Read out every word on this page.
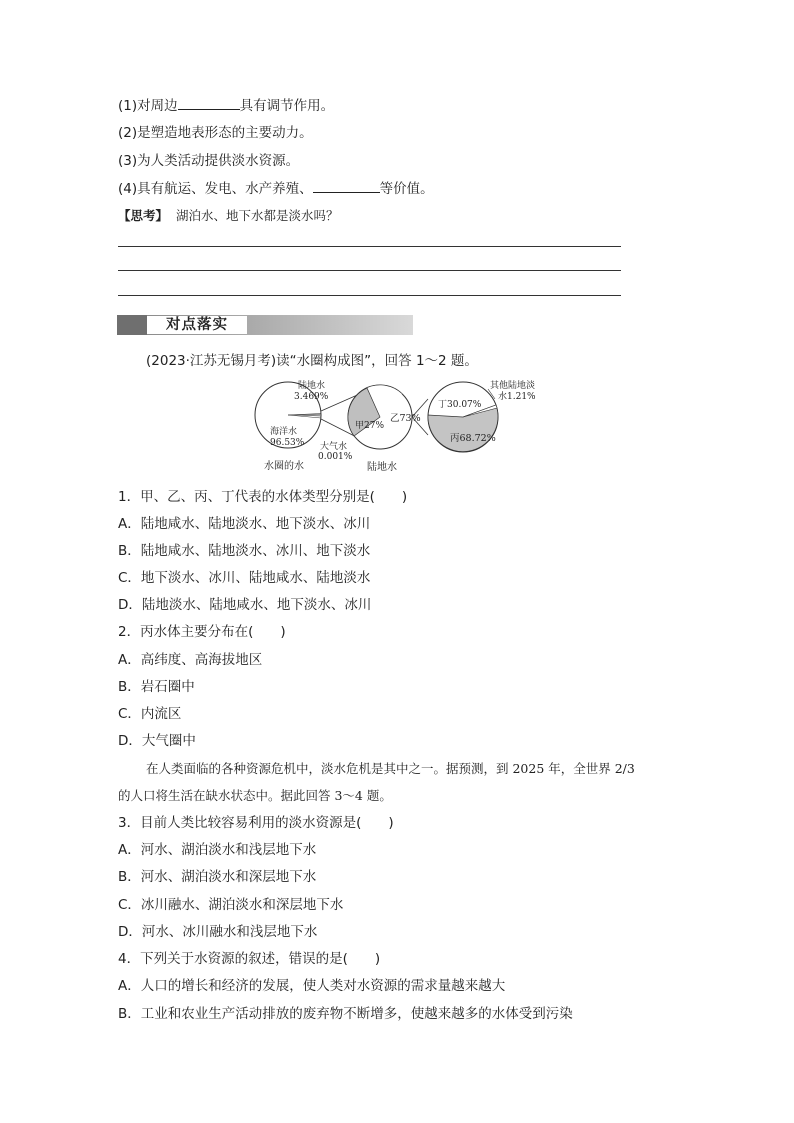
(1)对周边	具有调节作用。
(2)是塑造地表形态的主要动力。
(3)为人类活动提供淡水资源。
(4)具有航运、发电、水产养殖、	等价值。
【思考】 湖泊水、地下水都是淡水吗？
对点落实
(2023·江苏无锡月考)读“水圈构成图”，回答 1～2 题。
陆地水
3.469%
海洋水
96.53% 大气水
0.001%
水圈的水
甲27%
乙73%
陆地水
丁30.07%
丙68.72%
其他陆地淡
水1.21%
1．甲、乙、丙、丁代表的水体类型分别是(　　)
A．陆地咸水、陆地淡水、地下淡水、冰川
B．陆地咸水、陆地淡水、冰川、地下淡水
C．地下淡水、冰川、陆地咸水、陆地淡水
D．陆地淡水、陆地咸水、地下淡水、冰川
2．丙水体主要分布在(　　)
A．高纬度、高海拔地区
B．岩石圈中
C．内流区
D．大气圈中
在人类面临的各种资源危机中，淡水危机是其中之一。据预测，到 2025 年，全世界 2/3
的人口将生活在缺水状态中。据此回答 3～4 题。
3．目前人类比较容易利用的淡水资源是(　　)
A．河水、湖泊淡水和浅层地下水
B．河水、湖泊淡水和深层地下水
C．冰川融水、湖泊淡水和深层地下水
D．河水、冰川融水和浅层地下水
4．下列关于水资源的叙述，错误的是(　　)
A．人口的增长和经济的发展，使人类对水资源的需求量越来越大
B．工业和农业生产活动排放的废弃物不断增多，使越来越多的水体受到污染
